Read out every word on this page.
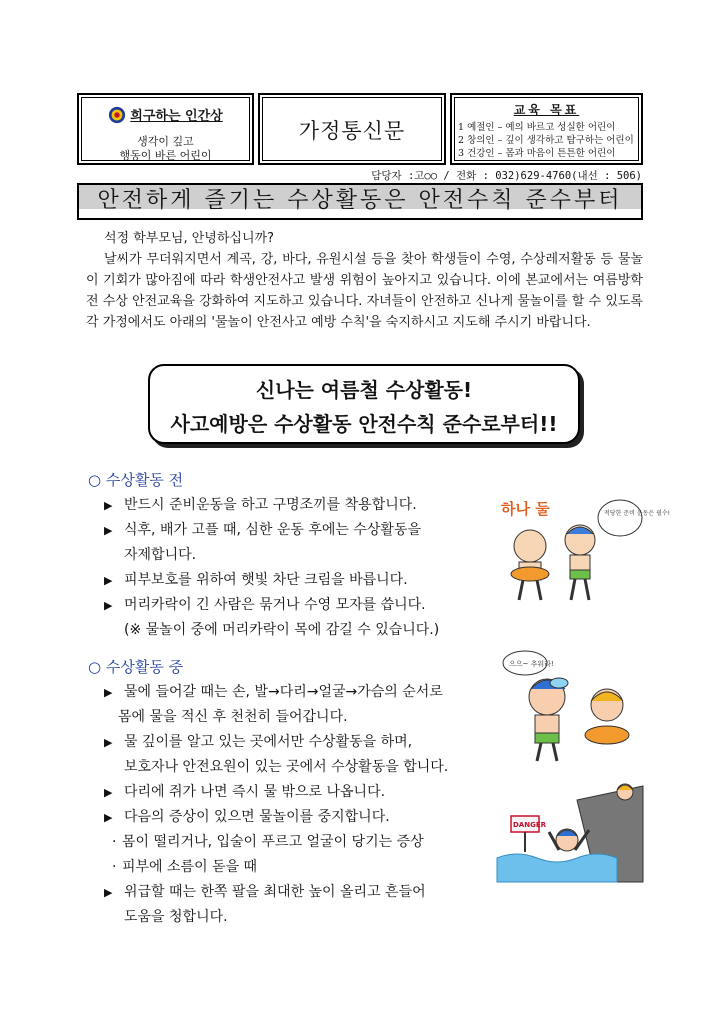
희구하는 인간상
생각이 깊고
행동이 바른 어린이
가정통신문
교육 목표
1 예절인 – 예의 바르고 성실한 어린이
2 창의인 – 깊이 생각하고 탐구하는 어린이
3 건강인 – 몸과 마음이 튼튼한 어린이
담당자 :고○○ / 전화 : 032)629-4760(내선 : 506)
안전하게 즐기는 수상활동은 안전수칙 준수부터

석정 학부모님, 안녕하십니까?

날씨가 무더워지면서 계곡, 강, 바다, 유원시설 등을 찾아 학생들이 수영, 수상레저활동 등 물놀이 기회가 많아짐에 따라 학생안전사고 발생 위험이 높아지고 있습니다. 이에 본교에서는 여름방학 전 수상 안전교육을 강화하여 지도하고 있습니다. 자녀들이 안전하고 신나게 물놀이를 할 수 있도록 각 가정에서도 아래의 '물놀이 안전사고 예방 수칙'을 숙지하시고 지도해 주시기 바랍니다.

신나는 여름철 수상활동!
사고예방은 수상활동 안전수칙 준수로부터!!
○ 수상활동 전
▶ 반드시 준비운동을 하고 구명조끼를 착용합니다.
▶ 식후, 배가 고플 때, 심한 운동 후에는 수상활동을
자제합니다.
▶ 피부보호를 위하여 햇빛 차단 크림을 바릅니다.
▶ 머리카락이 긴 사람은 묶거나 수영 모자를 씁니다.
(※ 물놀이 중에 머리카락이 목에 감길 수 있습니다.)
○ 수상활동 중
▶ 물에 들어갈 때는 손, 발→다리→얼굴→가슴의 순서로
몸에 물을 적신 후 천천히 들어갑니다.
▶ 물 깊이를 알고 있는 곳에서만 수상활동을 하며,
보호자나 안전요원이 있는 곳에서 수상활동을 합니다.
▶ 다리에 쥐가 나면 즉시 물 밖으로 나옵니다.
▶ 다음의 증상이 있으면 물놀이를 중지합니다.
· 몸이 떨리거나, 입술이 푸르고 얼굴이 당기는 증상
· 피부에 소름이 돋을 때
▶ 위급할 때는 한쪽 팔을 최대한 높이 올리고 흔들어
도움을 청합니다.
하나 둘	적당한 준비 운동은 필수!
으으~ 추워라!
DANGER
